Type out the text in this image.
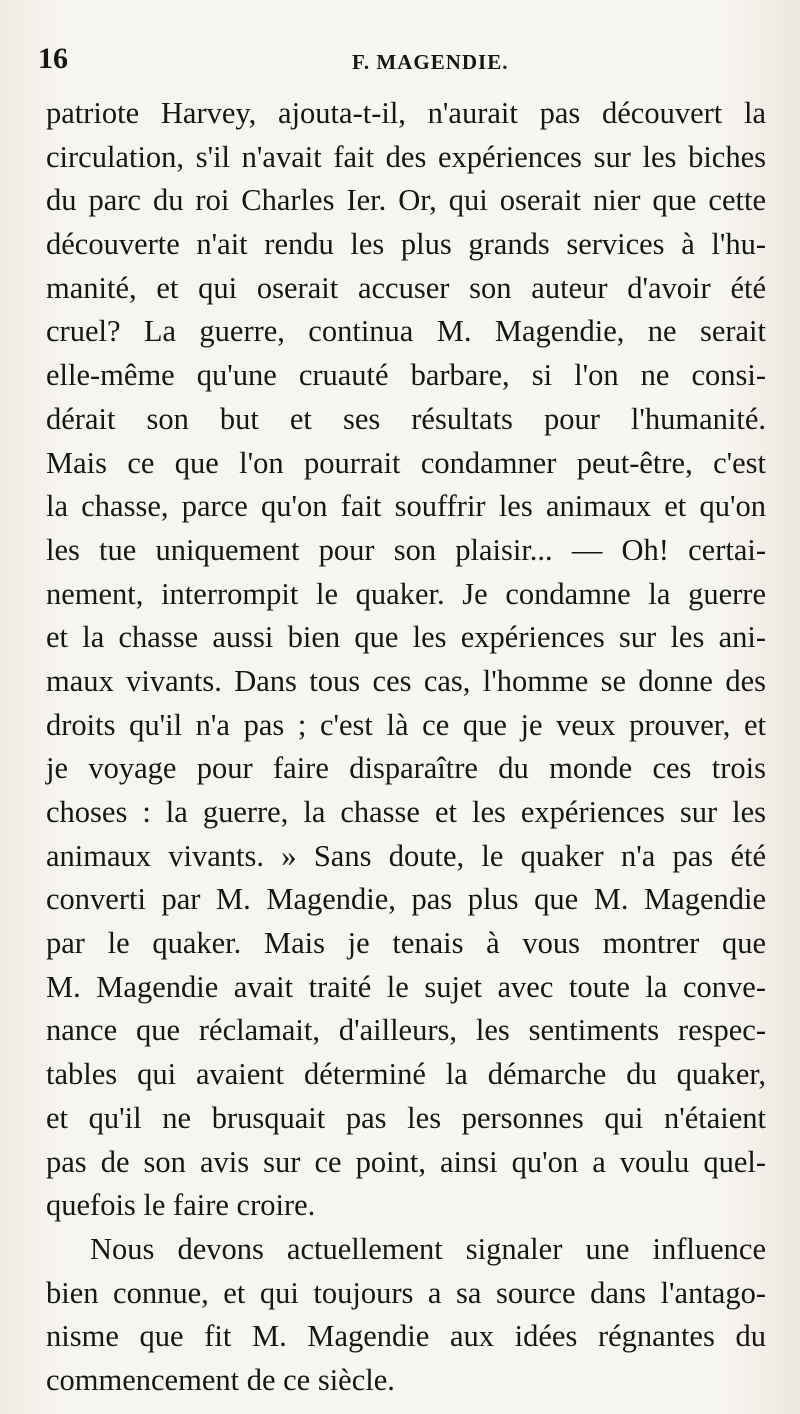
16	F. MAGENDIE.
patriote Harvey, ajouta-t-il, n'aurait pas découvert la
circulation, s'il n'avait fait des expériences sur les biches
du parc du roi Charles Ier. Or, qui oserait nier que cette
découverte n'ait rendu les plus grands services à l'hu-
manité, et qui oserait accuser son auteur d'avoir été
cruel? La guerre, continua M. Magendie, ne serait
elle-même qu'une cruauté barbare, si l'on ne consi-
dérait son but et ses résultats pour l'humanité.
Mais ce que l'on pourrait condamner peut-être, c'est
la chasse, parce qu'on fait souffrir les animaux et qu'on
les tue uniquement pour son plaisir... — Oh! certai-
nement, interrompit le quaker. Je condamne la guerre
et la chasse aussi bien que les expériences sur les ani-
maux vivants. Dans tous ces cas, l'homme se donne des
droits qu'il n'a pas ; c'est là ce que je veux prouver, et
je voyage pour faire disparaître du monde ces trois
choses : la guerre, la chasse et les expériences sur les
animaux vivants. » Sans doute, le quaker n'a pas été
converti par M. Magendie, pas plus que M. Magendie
par le quaker. Mais je tenais à vous montrer que
M. Magendie avait traité le sujet avec toute la conve-
nance que réclamait, d'ailleurs, les sentiments respec-
tables qui avaient déterminé la démarche du quaker,
et qu'il ne brusquait pas les personnes qui n'étaient
pas de son avis sur ce point, ainsi qu'on a voulu quel-
quefois le faire croire.
Nous devons actuellement signaler une influence
bien connue, et qui toujours a sa source dans l'antago-
nisme que fit M. Magendie aux idées régnantes du
commencement de ce siècle.
